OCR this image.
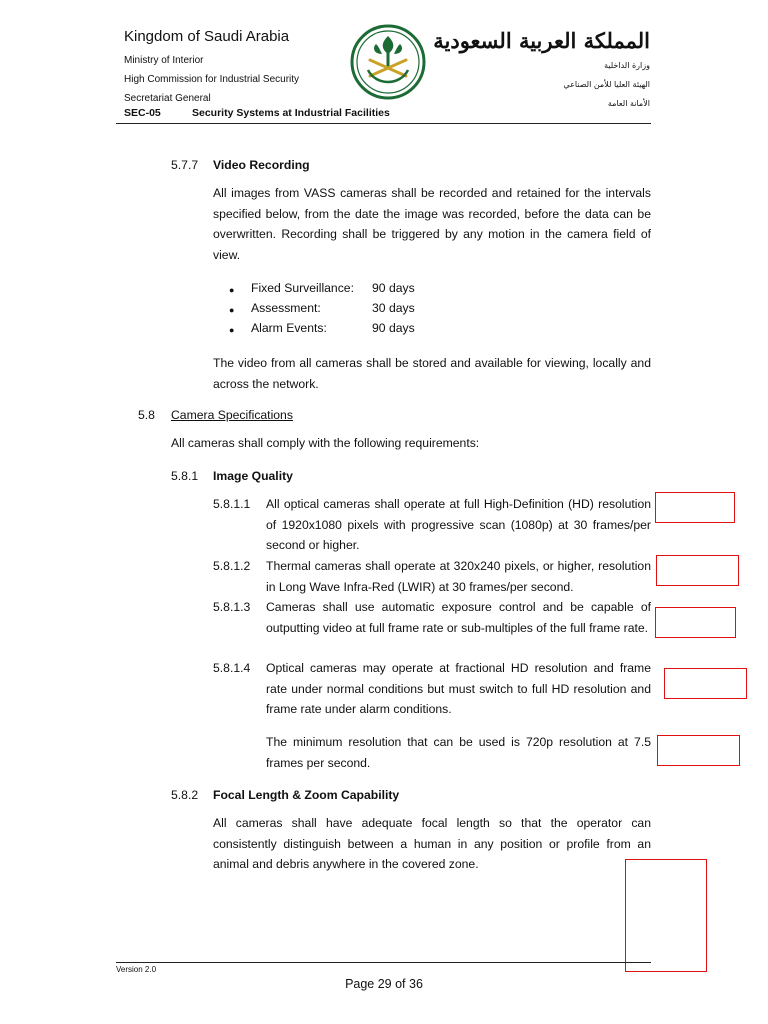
Kingdom of Saudi Arabia
Ministry of Interior
High Commission for Industrial Security
Secretariat General
المملكة العربية السعودية
وزارة الداخلية
الهيئة العليا للأمن الصناعي
الأمانة العامة
SEC-05	Security Systems at Industrial Facilities
5.7.7 Video Recording
All images from VASS cameras shall be recorded and retained for the intervals specified below, from the date the image was recorded, before the data can be overwritten. Recording shall be triggered by any motion in the camera field of view.
● Fixed Surveillance: 90 days
● Assessment:	30 days
● Alarm Events:	90 days
The video from all cameras shall be stored and available for viewing, locally and across the network.
5.8 Camera Specifications
All cameras shall comply with the following requirements:
5.8.1 Image Quality
5.8.1.1 All optical cameras shall operate at full High-Definition (HD) resolution of 1920x1080 pixels with progressive scan (1080p) at 30 frames/per second or higher.
5.8.1.2 Thermal cameras shall operate at 320x240 pixels, or higher, resolution in Long Wave Infra-Red (LWIR) at 30 frames/per second.
5.8.1.3 Cameras shall use automatic exposure control and be capable of outputting video at full frame rate or sub-multiples of the full frame rate.
5.8.1.4 Optical cameras may operate at fractional HD resolution and frame rate under normal conditions but must switch to full HD resolution and frame rate under alarm conditions.
The minimum resolution that can be used is 720p resolution at 7.5 frames per second.
5.8.2 Focal Length & Zoom Capability
All cameras shall have adequate focal length so that the operator can consistently distinguish between a human in any position or profile from an animal and debris anywhere in the covered zone.
Version 2.0
Page 29 of 36
